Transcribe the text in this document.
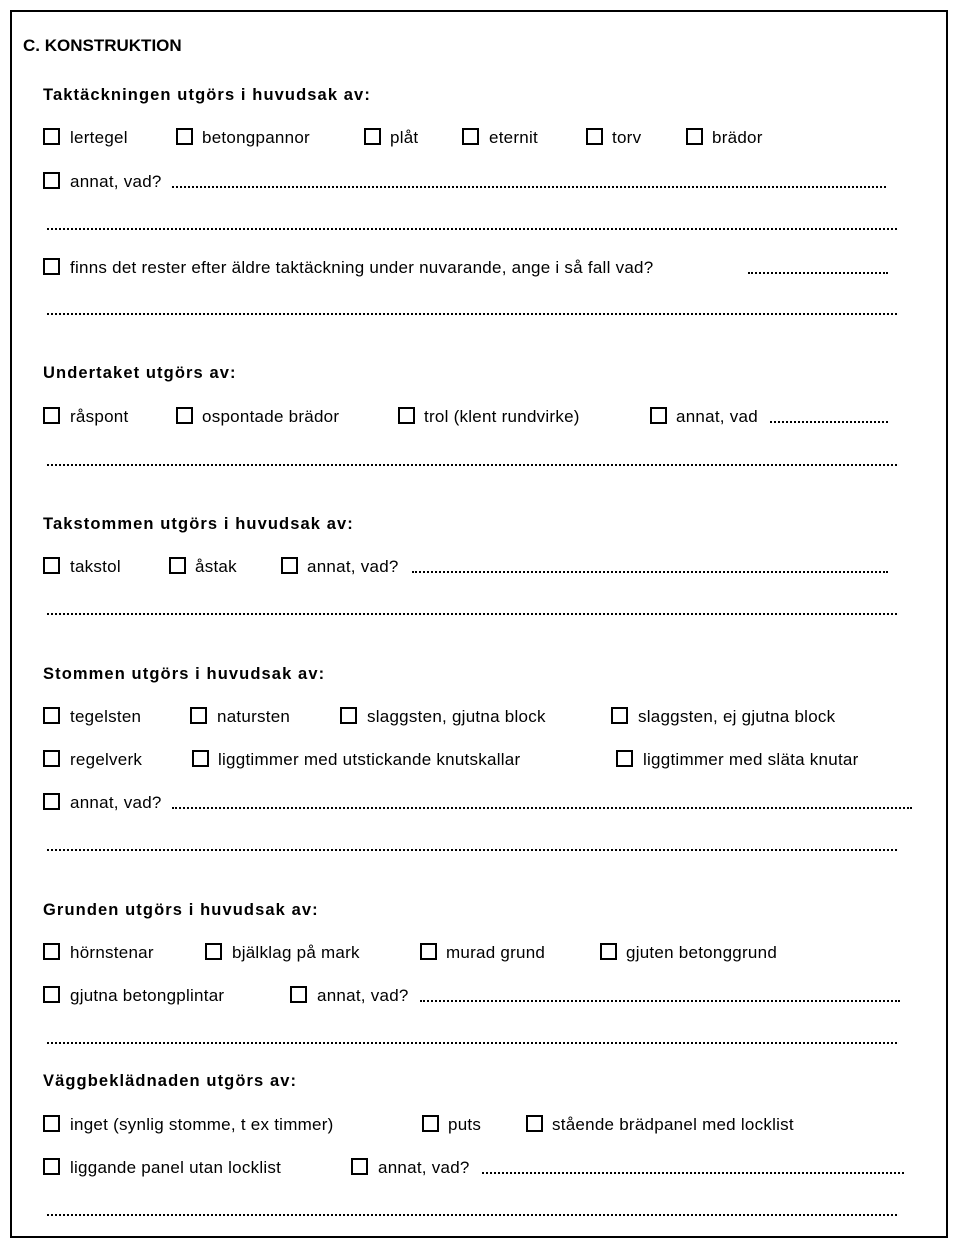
C. KONSTRUKTION
Taktäckningen utgörs i huvudsak av:
lertegel	betongpannor	plåt	eternit	torv	brädor
annat, vad?
finns det rester efter äldre taktäckning under nuvarande, ange i så fall vad?
Undertaket utgörs av:
råspont	ospontade brädor	trol (klent rundvirke)	annat, vad
Takstommen utgörs i huvudsak av:
takstol	åstak	annat, vad?
Stommen utgörs i huvudsak av:
tegelsten	natursten	slaggsten, gjutna block	slaggsten, ej gjutna block
regelverk	liggtimmer med utstickande knutskallar	liggtimmer med släta knutar
annat, vad?
Grunden utgörs i huvudsak av:
hörnstenar	bjälklag på mark	murad grund	gjuten betonggrund
gjutna betongplintar	annat, vad?
Väggbeklädnaden utgörs av:
inget (synlig stomme, t ex timmer)	puts	stående brädpanel med locklist
liggande panel utan locklist	annat, vad?
